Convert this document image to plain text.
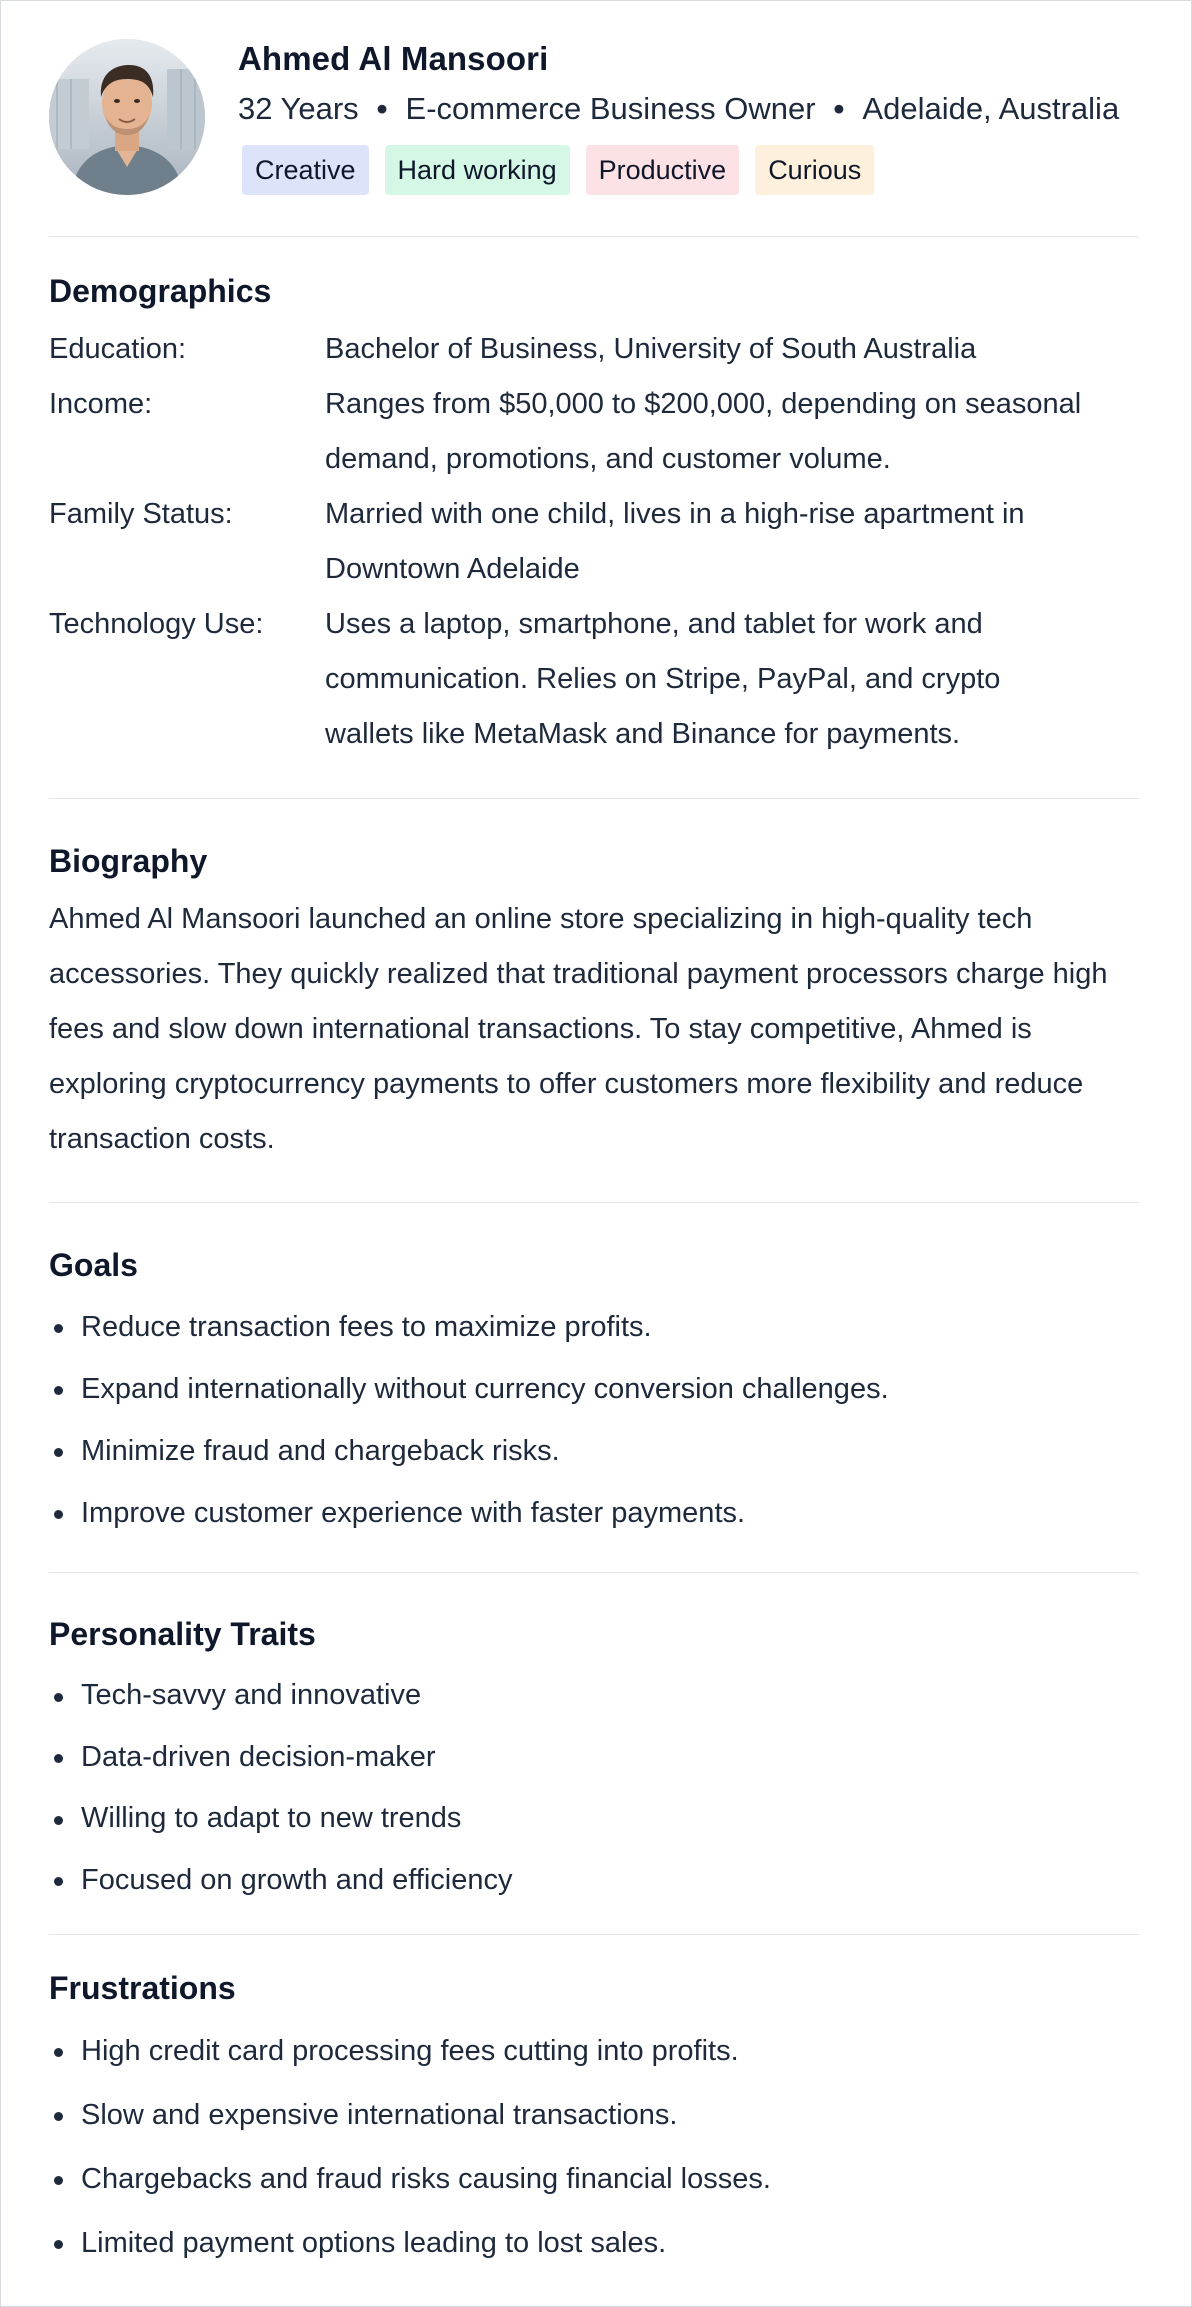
Ahmed Al Mansoori
32 Years • E-commerce Business Owner • Adelaide, Australia
Creative	Hard working	Productive	Curious
Demographics
Education:	Bachelor of Business, University of South Australia
Income:	Ranges from $50,000 to $200,000, depending on seasonal demand, promotions, and customer volume.
Family Status:	Married with one child, lives in a high-rise apartment in Downtown Adelaide
Technology Use:	Uses a laptop, smartphone, and tablet for work and communication. Relies on Stripe, PayPal, and crypto wallets like MetaMask and Binance for payments.
Biography

Ahmed Al Mansoori launched an online store specializing in high-quality tech accessories. They quickly realized that traditional payment processors charge high fees and slow down international transactions. To stay competitive, Ahmed is exploring cryptocurrency payments to offer customers more flexibility and reduce transaction costs.

Goals
Reduce transaction fees to maximize profits.
Expand internationally without currency conversion challenges.
Minimize fraud and chargeback risks.
Improve customer experience with faster payments.
Personality Traits
Tech-savvy and innovative
Data-driven decision-maker
Willing to adapt to new trends
Focused on growth and efficiency
Frustrations
High credit card processing fees cutting into profits.
Slow and expensive international transactions.
Chargebacks and fraud risks causing financial losses.
Limited payment options leading to lost sales.
